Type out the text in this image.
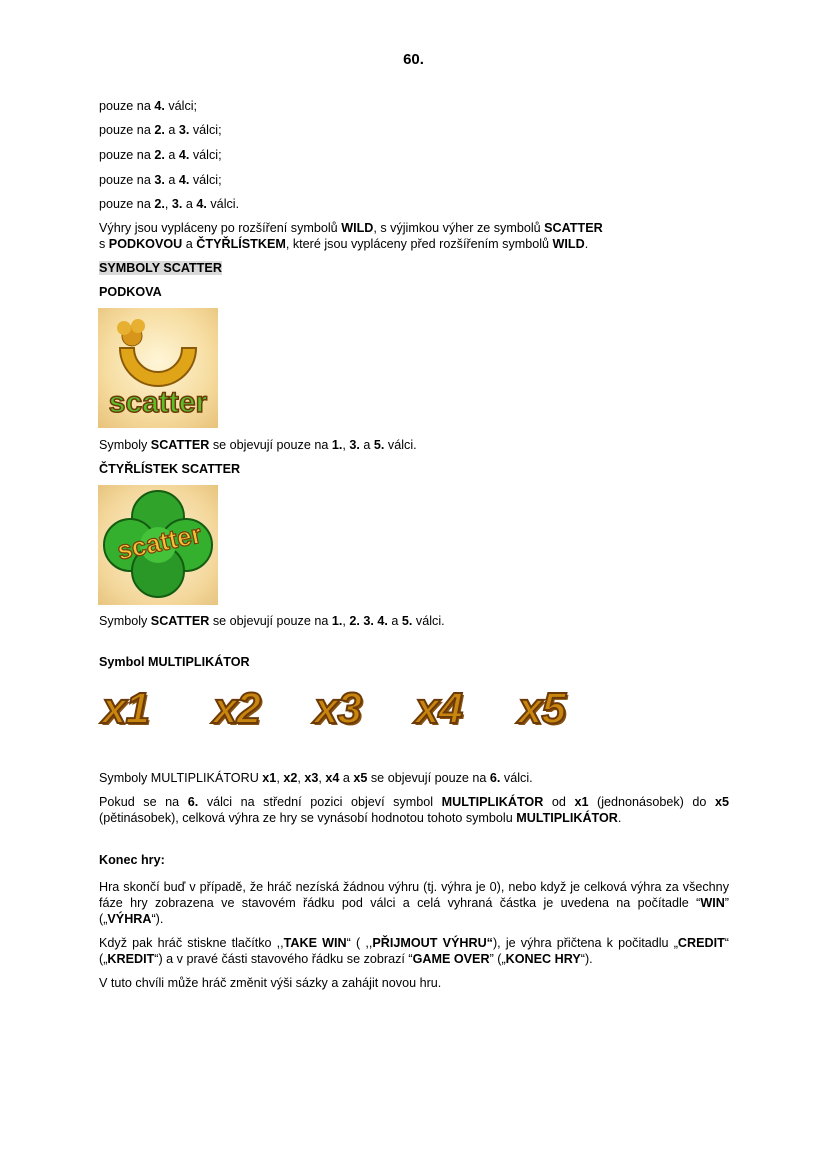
60.
pouze na 4. válci;
pouze na 2. a 3. válci;
pouze na 2. a 4. válci;
pouze na 3. a 4. válci;
pouze na 2., 3. a 4. válci.
Výhry jsou vypláceny po rozšíření symbolů WILD, s výjimkou výher ze symbolů SCATTER
s PODKOVOU a ČTYŘLÍSTKEM, které jsou vypláceny před rozšířením symbolů WILD.
SYMBOLY SCATTER
PODKOVA
scatter
Symboly SCATTER se objevují pouze na 1., 3. a 5. válci.
ČTYŘLÍSTEK SCATTER
scatter
Symboly SCATTER se objevují pouze na 1., 2. 3. 4. a 5. válci.
Symbol MULTIPLIKÁTOR
x1 x2 x3 x4 x5
Symboly MULTIPLIKÁTORU x1, x2, x3, x4 a x5 se objevují pouze na 6. válci.
Pokud se na 6. válci na střední pozici objeví symbol MULTIPLIKÁTOR od x1 (jednonásobek) do x5 (pětinásobek), celková výhra ze hry se vynásobí hodnotou tohoto symbolu MULTIPLIKÁTOR.
Konec hry:
Hra skončí buď v případě, že hráč nezíská žádnou výhru (tj. výhra je 0), nebo když je celková výhra za všechny fáze hry zobrazena ve stavovém řádku pod válci a celá vyhraná částka je uvedena na počítadle “WIN” („VÝHRA“).
Když pak hráč stiskne tlačítko ,,TAKE WIN“ ( ,,PŘIJMOUT VÝHRU“), je výhra přičtena k počitadlu „CREDIT“ („KREDIT“) a v pravé části stavového řádku se zobrazí “GAME OVER” („KONEC HRY“).
V tuto chvíli může hráč změnit výši sázky a zahájit novou hru.
